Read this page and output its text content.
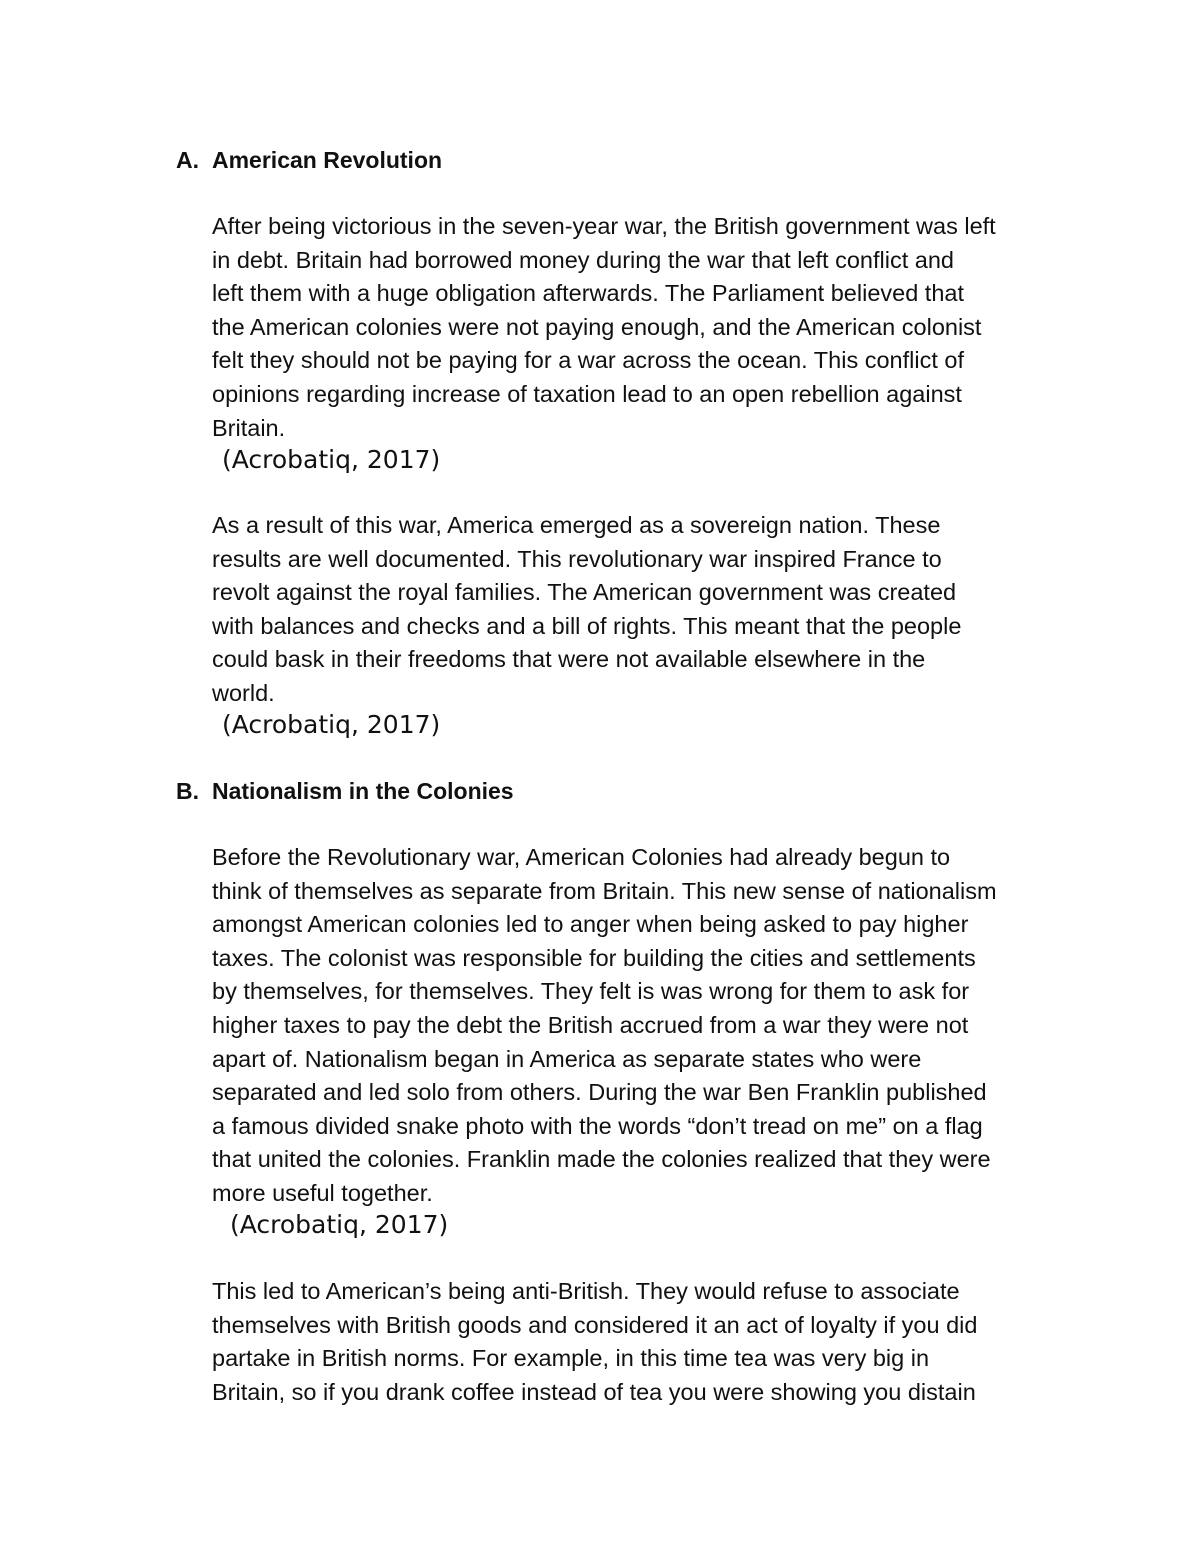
A. American Revolution
After being victorious in the seven-year war, the British government was left
in debt. Britain had borrowed money during the war that left conflict and
left them with a huge obligation afterwards. The Parliament believed that
the American colonies were not paying enough, and the American colonist
felt they should not be paying for a war across the ocean. This conflict of
opinions regarding increase of taxation lead to an open rebellion against
Britain.
(Acrobatiq, 2017)
As a result of this war, America emerged as a sovereign nation. These
results are well documented. This revolutionary war inspired France to
revolt against the royal families. The American government was created
with balances and checks and a bill of rights. This meant that the people
could bask in their freedoms that were not available elsewhere in the
world.
(Acrobatiq, 2017)
B. Nationalism in the Colonies
Before the Revolutionary war, American Colonies had already begun to
think of themselves as separate from Britain. This new sense of nationalism
amongst American colonies led to anger when being asked to pay higher
taxes. The colonist was responsible for building the cities and settlements
by themselves, for themselves. They felt is was wrong for them to ask for
higher taxes to pay the debt the British accrued from a war they were not
apart of. Nationalism began in America as separate states who were
separated and led solo from others. During the war Ben Franklin published
a famous divided snake photo with the words “don’t tread on me” on a flag
that united the colonies. Franklin made the colonies realized that they were
more useful together.
(Acrobatiq, 2017)
This led to American’s being anti-British. They would refuse to associate
themselves with British goods and considered it an act of loyalty if you did
partake in British norms. For example, in this time tea was very big in
Britain, so if you drank coffee instead of tea you were showing you distain
